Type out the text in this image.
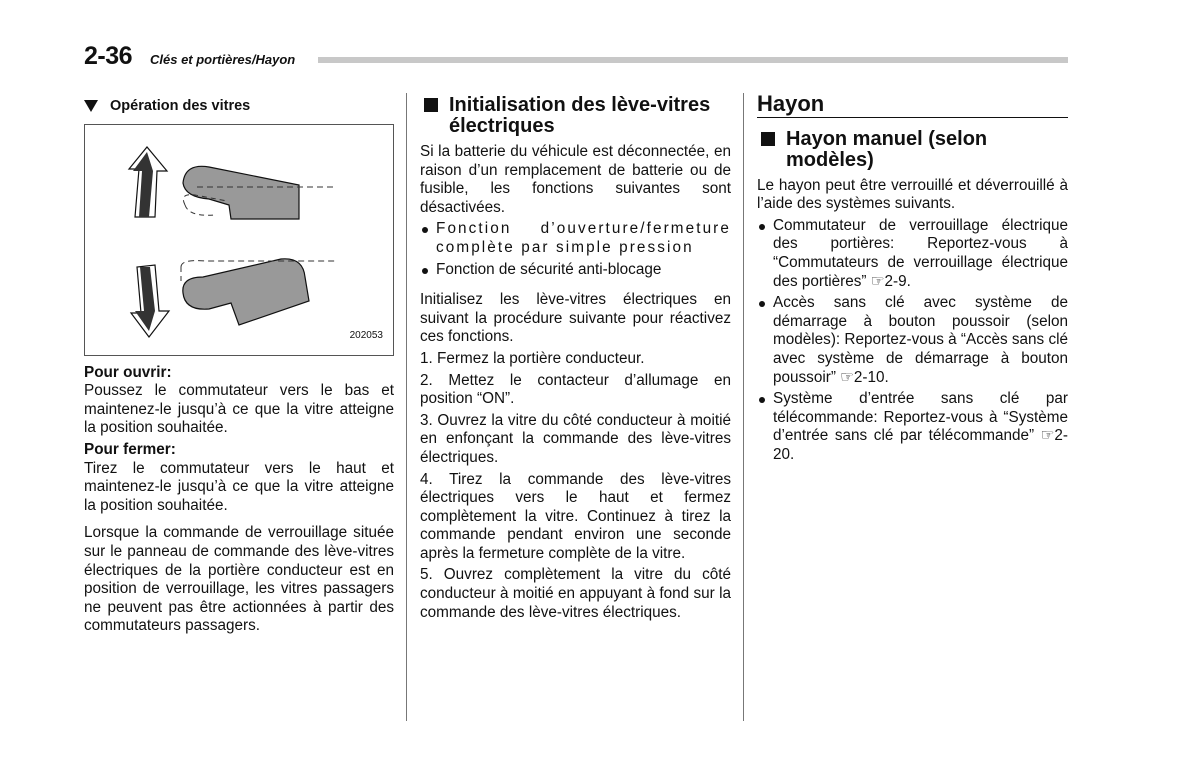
2-36 Clés et portières/Hayon
Opération des vitres
202053
Pour ouvrir:

Poussez le commutateur vers le bas et maintenez-le jusqu’à ce que la vitre atteigne la position souhaitée.

Pour fermer:

Tirez le commutateur vers le haut et maintenez-le jusqu’à ce que la vitre atteigne la position souhaitée.

Lorsque la commande de verrouillage située sur le panneau de commande des lève-vitres électriques de la portière conducteur est en position de verrouillage, les vitres passagers ne peuvent pas être actionnées à partir des commutateurs passagers.

Initialisation des lève-vitres électriques

Si la batterie du véhicule est déconnectée, en raison d’un remplacement de batterie ou de fusible, les fonctions suivantes sont désactivées.

Fonction d’ouverture/fermeture complète par simple pression

Fonction de sécurité anti-blocage

Initialisez les lève-vitres électriques en suivant la procédure suivante pour réactivez ces fonctions.

1. Fermez la portière conducteur.

2. Mettez le contacteur d’allumage en position “ON”.

3. Ouvrez la vitre du côté conducteur à moitié en enfonçant la commande des lève-vitres électriques.

4. Tirez la commande des lève-vitres électriques vers le haut et fermez complètement la vitre. Continuez à tirez la commande pendant environ une seconde après la fermeture complète de la vitre.

5. Ouvrez complètement la vitre du côté conducteur à moitié en appuyant à fond sur la commande des lève-vitres électriques.

Hayon
Hayon manuel (selon modèles)

Le hayon peut être verrouillé et déverrouillé à l’aide des systèmes suivants.

Commutateur de verrouillage électrique des portières: Reportez-vous à “Commutateurs de verrouillage électrique des portières” ☞2-9.

Accès sans clé avec système de démarrage à bouton poussoir (selon modèles): Reportez-vous à “Accès sans clé avec système de démarrage à bouton poussoir” ☞2-10.

Système d’entrée sans clé par télécommande: Reportez-vous à “Système d’entrée sans clé par télécommande” ☞2-20.
